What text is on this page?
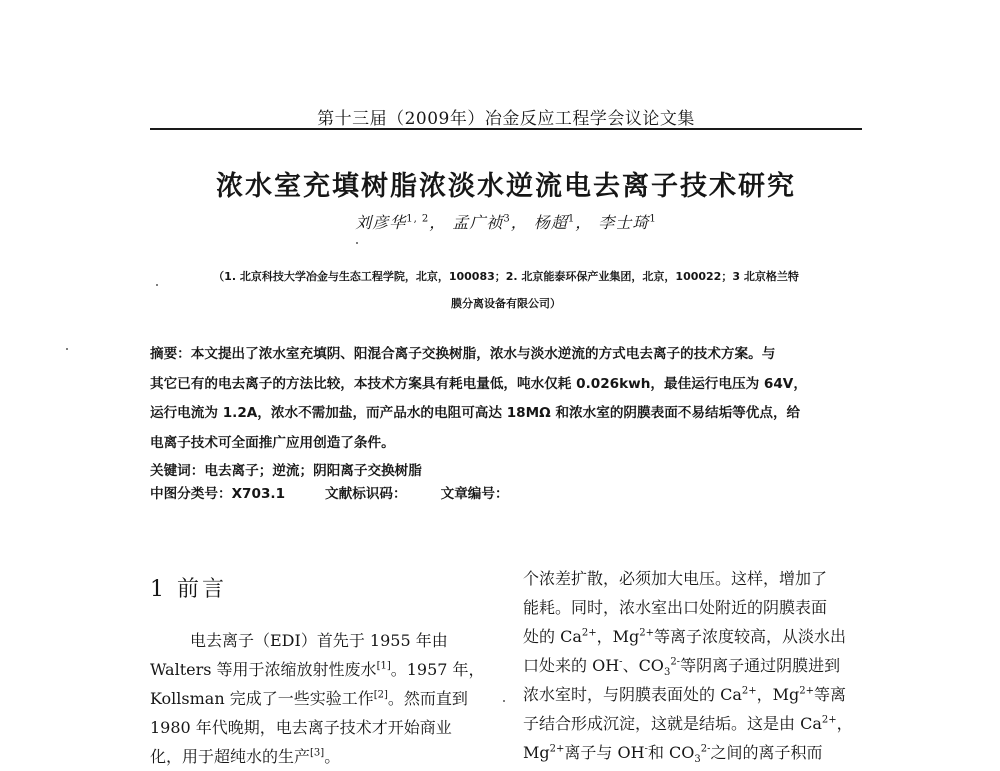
第十三届（2009年）冶金反应工程学会议论文集
浓水室充填树脂浓淡水逆流电去离子技术研究
刘彦华$^{1, 2}$， 孟广祯$^3$， 杨超$^1$， 李士琦$^1$
（1. 北京科技大学冶金与生态工程学院，北京，100083；2. 北京能泰环保产业集团，北京，100022；3 北京格兰特
膜分离设备有限公司）
摘要：本文提出了浓水室充填阴、阳混合离子交换树脂，浓水与淡水逆流的方式电去离子的技术方案。与
其它已有的电去离子的方法比较，本技术方案具有耗电量低，吨水仅耗 0.026kwh，最佳运行电压为 64V，
运行电流为 1.2A，浓水不需加盐，而产品水的电阻可高达 18MΩ 和浓水室的阴膜表面不易结垢等优点，给
电离子技术可全面推广应用创造了条件。
关键词：电去离子；逆流；阴阳离子交换树脂
中图分类号：X703.1	文献标识码：	文章编号：
1 前言
电去离子（EDI）首先于 1955 年由
Walters 等用于浓缩放射性废水[1]。1957 年，
Kollsman 完成了一些实验工作[2]。然而直到
1980 年代晚期，电去离子技术才开始商业
化，用于超纯水的生产[3]。
个浓差扩散，必须加大电压。这样，增加了
能耗。同时，浓水室出口处附近的阴膜表面
处的 $Ca^{2+}$，$Mg^{2+}$等离子浓度较高，从淡水出
口处来的 OH-、$CO_3^{2-}$等阴离子通过阴膜进到
浓水室时，与阴膜表面处的 $Ca^{2+}$，$Mg^{2+}$等离
子结合形成沉淀，这就是结垢。这是由 $Ca^{2+}$，
$Mg^{2+}$离子与 OH-和 $CO_3^{2-}$之间的离子积而
